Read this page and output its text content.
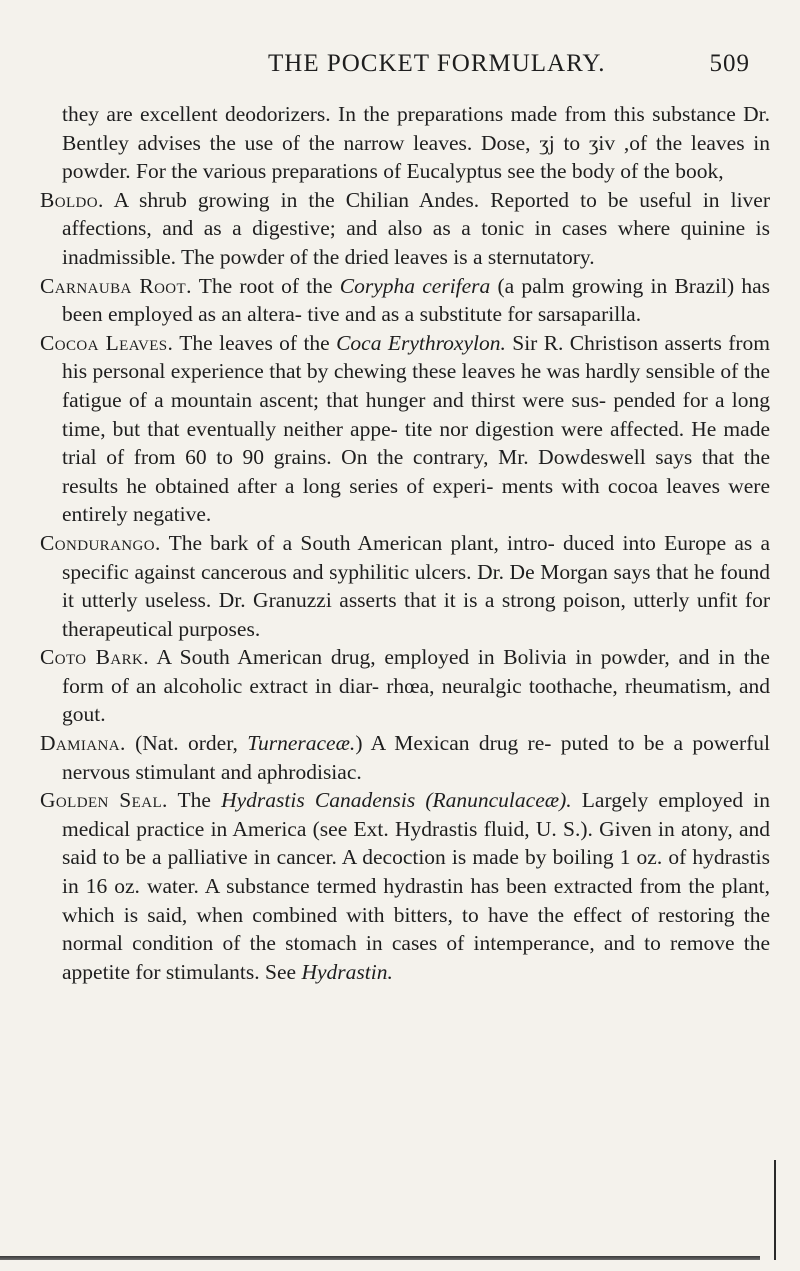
THE POCKET FORMULARY.	509

they are excellent deodorizers. In the preparations made from this substance Dr. Bentley advises the use of the narrow leaves. Dose, ʒj to ʒiv ,of the leaves in powder. For the various preparations of Eucalyptus see the body of the book,

Boldo. A shrub growing in the Chilian Andes. Reported to be useful in liver affections, and as a digestive; and also as a tonic in cases where quinine is inadmissible. The powder of the dried leaves is a sternutatory.

Carnauba Root. The root of the Corypha cerifera (a palm growing in Brazil) has been employed as an altera- tive and as a substitute for sarsaparilla.

Cocoa Leaves. The leaves of the Coca Erythroxylon. Sir R. Christison asserts from his personal experience that by chewing these leaves he was hardly sensible of the fatigue of a mountain ascent; that hunger and thirst were sus- pended for a long time, but that eventually neither appe- tite nor digestion were affected. He made trial of from 60 to 90 grains. On the contrary, Mr. Dowdeswell says that the results he obtained after a long series of experi- ments with cocoa leaves were entirely negative.

Condurango. The bark of a South American plant, intro- duced into Europe as a specific against cancerous and syphilitic ulcers. Dr. De Morgan says that he found it utterly useless. Dr. Granuzzi asserts that it is a strong poison, utterly unfit for therapeutical purposes.

Coto Bark. A South American drug, employed in Bolivia in powder, and in the form of an alcoholic extract in diar- rhœa, neuralgic toothache, rheumatism, and gout.

Damiana. (Nat. order, Turneraceæ.) A Mexican drug re- puted to be a powerful nervous stimulant and aphrodisiac.

Golden Seal. The Hydrastis Canadensis (Ranunculaceæ). Largely employed in medical practice in America (see Ext. Hydrastis fluid, U. S.). Given in atony, and said to be a palliative in cancer. A decoction is made by boiling 1 oz. of hydrastis in 16 oz. water. A substance termed hydrastin has been extracted from the plant, which is said, when combined with bitters, to have the effect of restoring the normal condition of the stomach in cases of intemperance, and to remove the appetite for stimulants. See Hydrastin.
